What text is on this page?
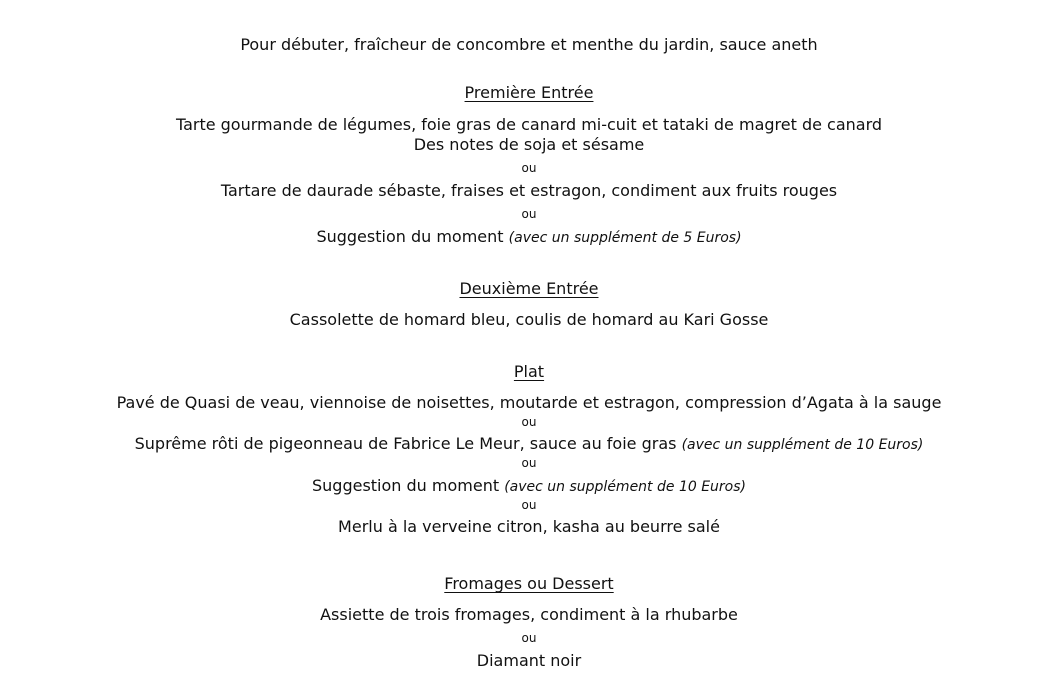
Pour débuter, fraîcheur de concombre et menthe du jardin, sauce aneth
Première Entrée
Tarte gourmande de légumes, foie gras de canard mi-cuit et tataki de magret de canard
Des notes de soja et sésame
ou
Tartare de daurade sébaste, fraises et estragon, condiment aux fruits rouges
ou
Suggestion du moment (avec un supplément de 5 Euros)
Deuxième Entrée
Cassolette de homard bleu, coulis de homard au Kari Gosse
Plat
Pavé de Quasi de veau, viennoise de noisettes, moutarde et estragon, compression d’Agata à la sauge
ou
Suprême rôti de pigeonneau de Fabrice Le Meur, sauce au foie gras (avec un supplément de 10 Euros)
ou
Suggestion du moment (avec un supplément de 10 Euros)
ou
Merlu à la verveine citron, kasha au beurre salé
Fromages ou Dessert
Assiette de trois fromages, condiment à la rhubarbe
ou
Diamant noir
